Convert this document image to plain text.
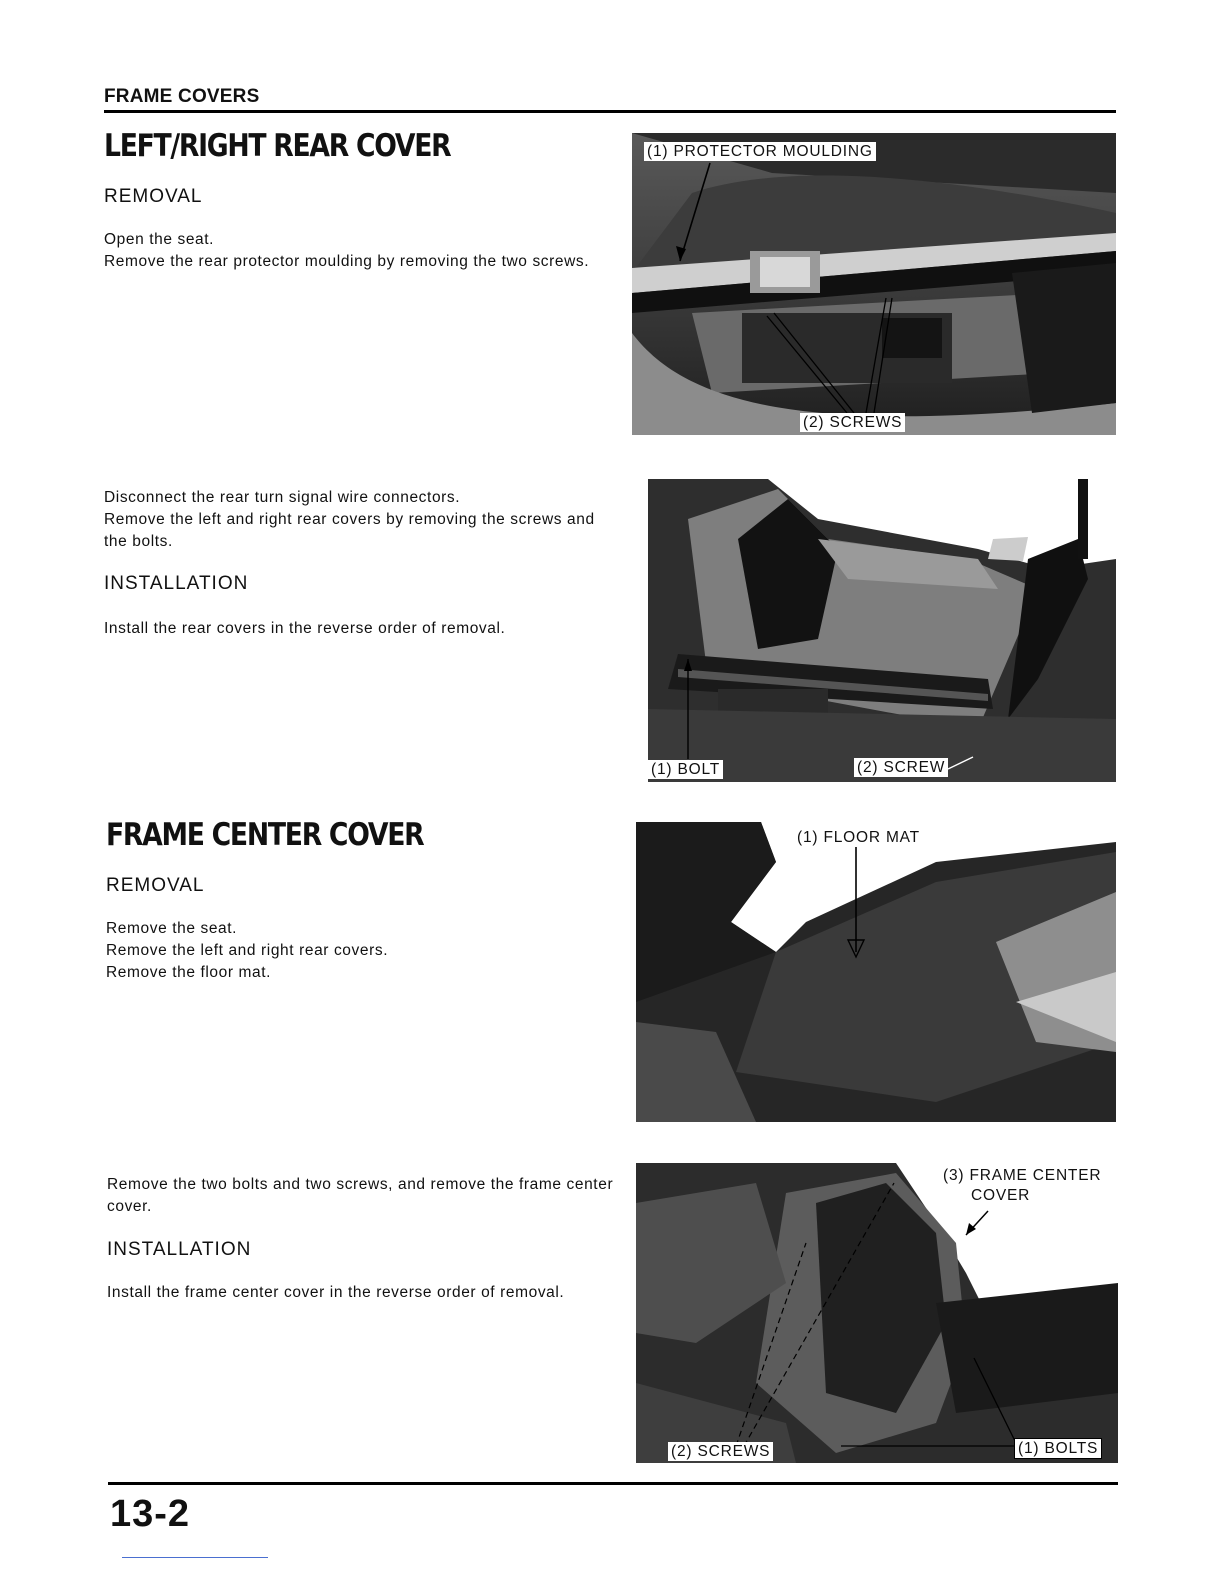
FRAME COVERS
LEFT/RIGHT REAR COVER
REMOVAL

Open the seat.

Remove the rear protector moulding by removing the two screws.

Disconnect the rear turn signal wire connectors.

Remove the left and right rear covers by removing the screws and the bolts.

INSTALLATION

Install the rear covers in the reverse order of removal.

FRAME CENTER COVER
REMOVAL

Remove the seat.

Remove the left and right rear covers.

Remove the floor mat.

Remove the two bolts and two screws, and remove the frame center cover.

INSTALLATION

Install the frame center cover in the reverse order of removal.

(1) PROTECTOR MOULDING
(2) SCREWS
(1) BOLT	(2) SCREW
(1) FLOOR MAT
(3) FRAME CENTER
COVER
(2) SCREWS	(1) BOLTS
13-2
